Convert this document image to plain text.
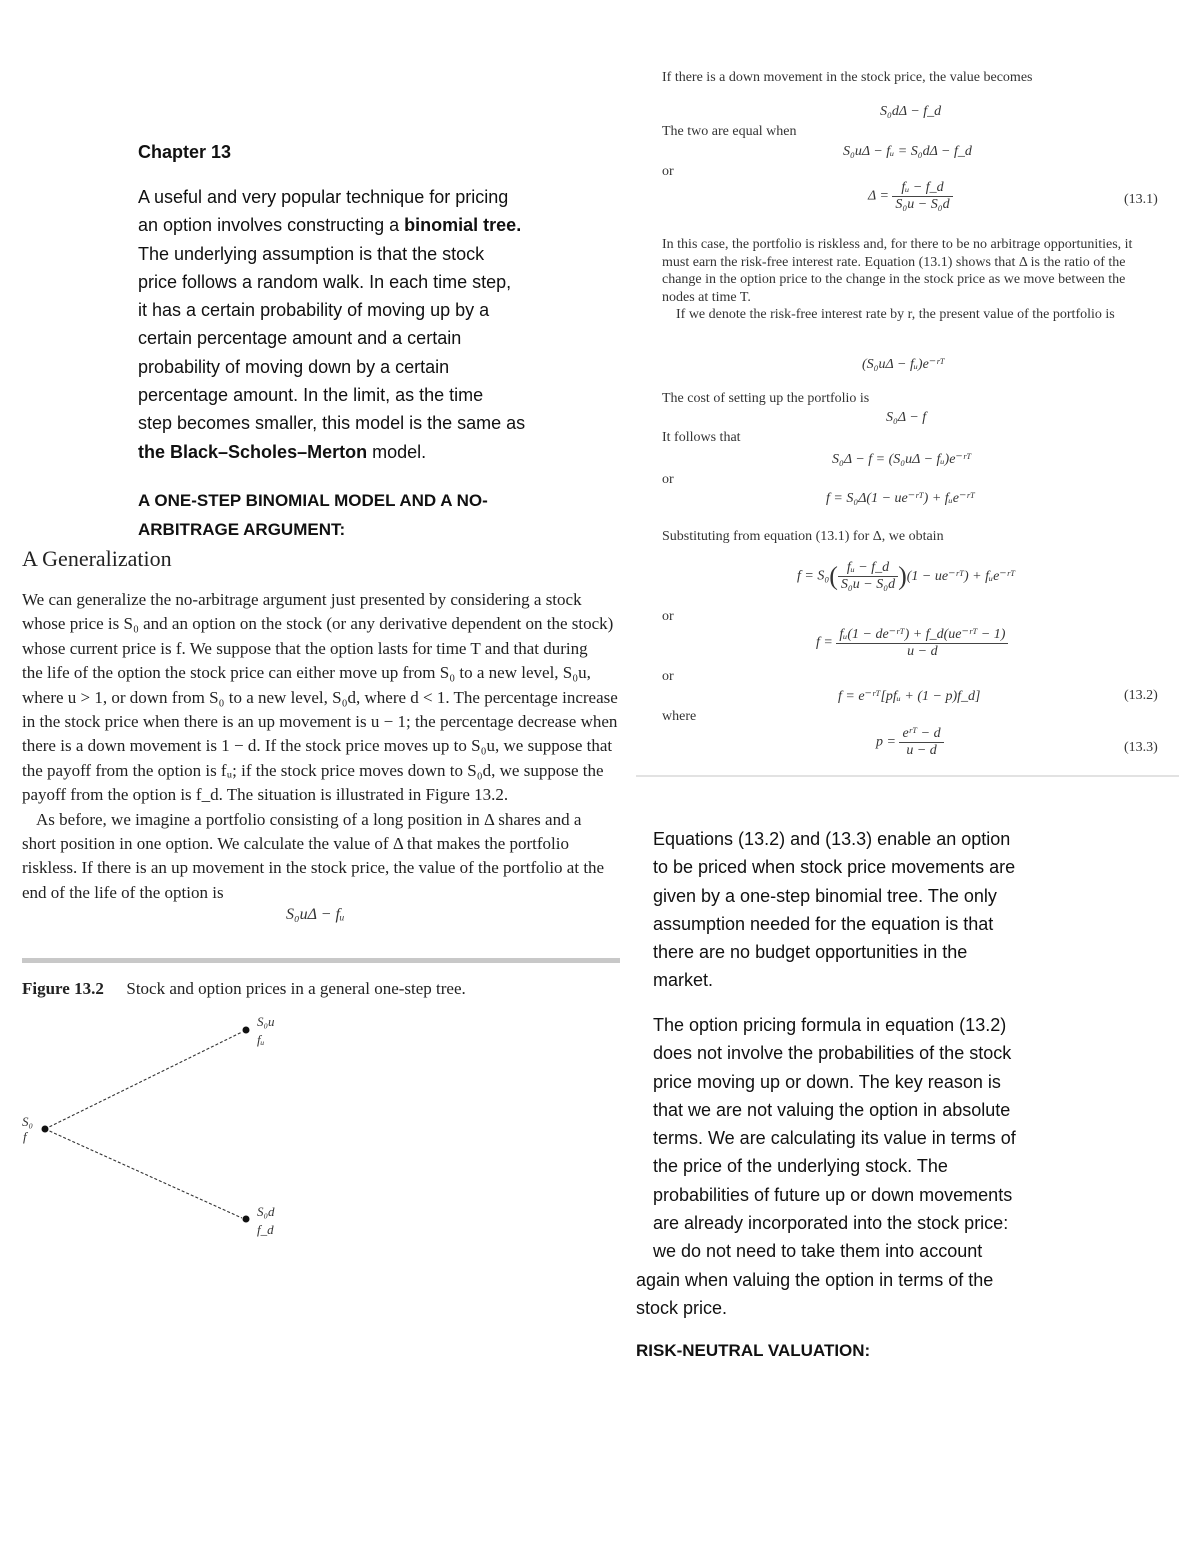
Chapter 13

A useful and very popular technique for pricing

an option involves constructing a binomial tree.

The underlying assumption is that the stock

price follows a random walk. In each time step,

it has a certain probability of moving up by a

certain percentage amount and a certain

probability of moving down by a certain

percentage amount. In the limit, as the time

step becomes smaller, this model is the same as

the Black–Scholes–Merton model.

A ONE-STEP BINOMIAL MODEL AND A NO-
ARBITRAGE ARGUMENT:
A Generalization

We can generalize the no-arbitrage argument just presented by considering a stock

whose price is S₀ and an option on the stock (or any derivative dependent on the stock)

whose current price is f. We suppose that the option lasts for time T and that during

the life of the option the stock price can either move up from S₀ to a new level, S₀u,

where u > 1, or down from S₀ to a new level, S₀d, where d < 1. The percentage increase

in the stock price when there is an up movement is u − 1; the percentage decrease when

there is a down movement is 1 − d. If the stock price moves up to S₀u, we suppose that

the payoff from the option is fᵤ; if the stock price moves down to S₀d, we suppose the

payoff from the option is f_d. The situation is illustrated in Figure 13.2.

As before, we imagine a portfolio consisting of a long position in Δ shares and a

short position in one option. We calculate the value of Δ that makes the portfolio

riskless. If there is an up movement in the stock price, the value of the portfolio at the

end of the life of the option is

S₀uΔ − fᵤ
Figure 13.2 Stock and option prices in a general one-step tree.
S₀
f
S₀u
fᵤ
S₀d
f_d
If there is a down movement in the stock price, the value becomes
S₀dΔ − f_d
The two are equal when
S₀uΔ − fᵤ = S₀dΔ − f_d
or
$\Delta = \frac{\text{fᵤ − f\_d}}{\text{S₀u − S₀d}}$	(13.1)
In this case, the portfolio is riskless and, for there to be no arbitrage opportunities, it
must earn the risk-free interest rate. Equation (13.1) shows that Δ is the ratio of the
change in the option price to the change in the stock price as we move between the
nodes at time T.
If we denote the risk-free interest rate by r, the present value of the portfolio is
(S₀uΔ − fᵤ)e⁻ʳᵀ
The cost of setting up the portfolio is
S₀Δ − f
It follows that
S₀Δ − f = (S₀uΔ − fᵤ)e⁻ʳᵀ
or
f = S₀Δ(1 − ue⁻ʳᵀ) + fᵤe⁻ʳᵀ
Substituting from equation (13.1) for Δ, we obtain
$f = S_0( \frac{\text{fᵤ − f\_d}}{\text{S₀u − S₀d}} )(1$ − ue⁻ʳᵀ) + fᵤe⁻ʳᵀ
or
$f = \frac{\text{fᵤ(1 − de⁻ʳᵀ) + f\_d(ue⁻ʳᵀ − 1)}}{u - d}$
or
f = e⁻ʳᵀ[pfᵤ + (1 − p)f_d]	(13.2)
where
$p = \frac{\text{eʳᵀ − d}}{u - d}$	(13.3)
Equations (13.2) and (13.3) enable an option
to be priced when stock price movements are
given by a one-step binomial tree. The only
assumption needed for the equation is that
there are no budget opportunities in the
market.
The option pricing formula in equation (13.2)
does not involve the probabilities of the stock
price moving up or down. The key reason is
that we are not valuing the option in absolute
terms. We are calculating its value in terms of
the price of the underlying stock. The
probabilities of future up or down movements
are already incorporated into the stock price:
we do not need to take them into account
again when valuing the option in terms of the
stock price.
RISK-NEUTRAL VALUATION:
